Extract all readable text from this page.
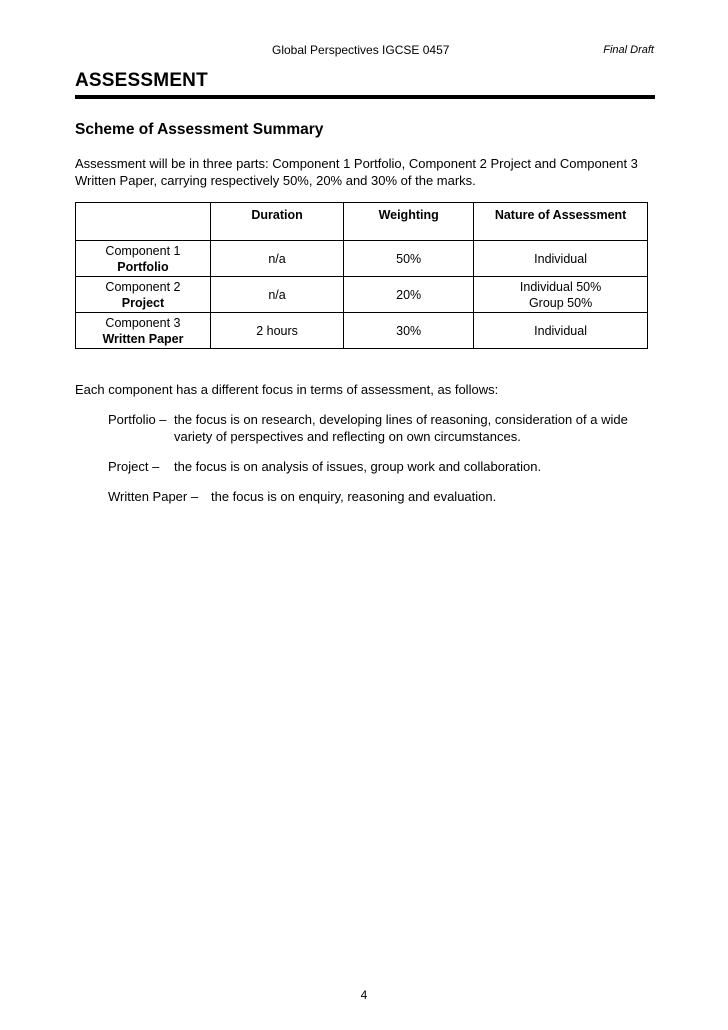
Global Perspectives IGCSE 0457	Final Draft
ASSESSMENT
Scheme of Assessment Summary
Assessment will be in three parts: Component 1 Portfolio, Component 2 Project and Component 3 Written Paper, carrying respectively 50%, 20% and 30% of the marks.
	Duration	Weighting	Nature of Assessment

Component 1
Portfolio	n/a	50%	Individual

Component 2
Project	n/a	20%	Individual 50%
Group 50%

Component 3
Written Paper	2 hours	30%	Individual
Each component has a different focus in terms of assessment, as follows:
Portfolio – the focus is on research, developing lines of reasoning, consideration of a wide variety of perspectives and reflecting on own circumstances.
Project – the focus is on analysis of issues, group work and collaboration.
Written Paper – the focus is on enquiry, reasoning and evaluation.
4
